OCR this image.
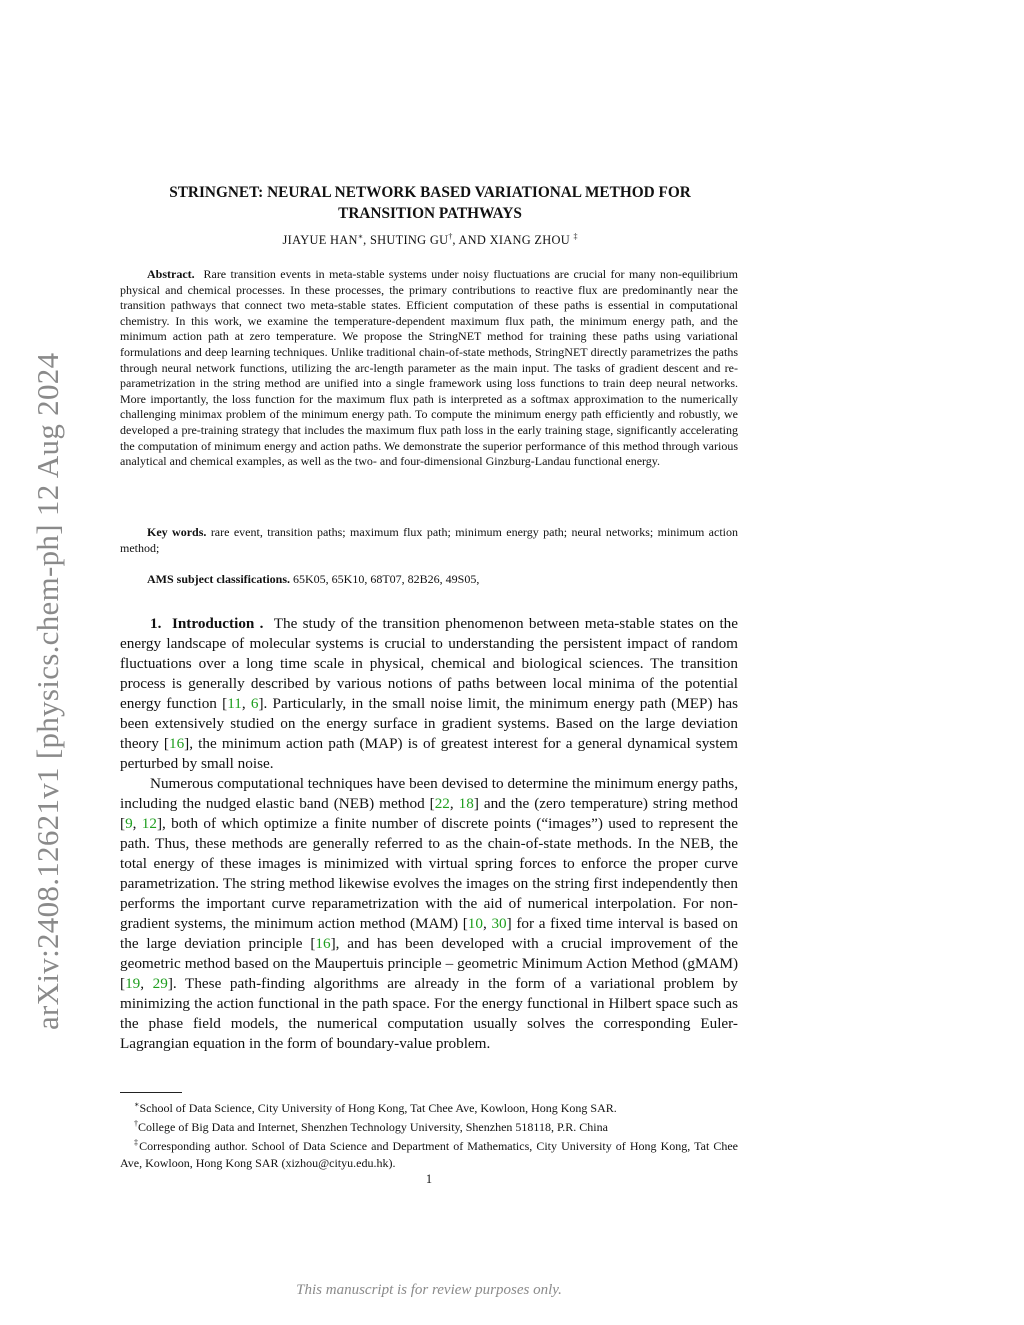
arXiv:2408.12621v1 [physics.chem-ph] 12 Aug 2024
STRINGNET: NEURAL NETWORK BASED VARIATIONAL METHOD FOR
TRANSITION PATHWAYS
JIAYUE HAN∗, SHUTING GU†, AND XIANG ZHOU ‡

Abstract. Rare transition events in meta-stable systems under noisy fluctuations are crucial for many non-equilibrium physical and chemical processes. In these processes, the primary contributions to reactive flux are predominantly near the transition pathways that connect two meta-stable states. Efficient computation of these paths is essential in computational chemistry. In this work, we examine the temperature-dependent maximum flux path, the minimum energy path, and the minimum action path at zero temperature. We propose the StringNET method for training these paths using variational formulations and deep learning techniques. Unlike traditional chain-of-state methods, StringNET directly parametrizes the paths through neural network functions, utilizing the arc-length parameter as the main input. The tasks of gradient descent and re-parametrization in the string method are unified into a single framework using loss functions to train deep neural networks. More importantly, the loss function for the maximum flux path is interpreted as a softmax approximation to the numerically challenging minimax problem of the minimum energy path. To compute the minimum energy path efficiently and robustly, we developed a pre-training strategy that includes the maximum flux path loss in the early training stage, significantly accelerating the computation of minimum energy and action paths. We demonstrate the superior performance of this method through various analytical and chemical examples, as well as the two- and four-dimensional Ginzburg-Landau functional energy.

Key words. rare event, transition paths; maximum flux path; minimum energy path; neural networks; minimum action method;

AMS subject classifications. 65K05, 65K10, 68T07, 82B26, 49S05,

1. Introduction . The study of the transition phenomenon between meta-stable states on the energy landscape of molecular systems is crucial to understanding the persistent impact of random fluctuations over a long time scale in physical, chemical and biological sciences. The transition process is generally described by various notions of paths between local minima of the potential energy function [11, 6]. Particularly, in the small noise limit, the minimum energy path (MEP) has been extensively studied on the energy surface in gradient systems. Based on the large deviation theory [16], the minimum action path (MAP) is of greatest interest for a general dynamical system perturbed by small noise.

Numerous computational techniques have been devised to determine the minimum energy paths, including the nudged elastic band (NEB) method [22, 18] and the (zero temperature) string method [9, 12], both of which optimize a finite number of discrete points (“images”) used to represent the path. Thus, these methods are generally referred to as the chain-of-state methods. In the NEB, the total energy of these images is minimized with virtual spring forces to enforce the proper curve parametrization. The string method likewise evolves the images on the string first independently then performs the important curve reparametrization with the aid of numerical interpolation. For non-gradient systems, the minimum action method (MAM) [10, 30] for a fixed time interval is based on the large deviation principle [16], and has been developed with a crucial improvement of the geometric method based on the Maupertuis principle – geometric Minimum Action Method (gMAM) [19, 29]. These path-finding algorithms are already in the form of a variational problem by minimizing the action functional in the path space. For the energy functional in Hilbert space such as the phase field models, the numerical computation usually solves the corresponding Euler-Lagrangian equation in the form of boundary-value problem.

∗School of Data Science, City University of Hong Kong, Tat Chee Ave, Kowloon, Hong Kong SAR.
†College of Big Data and Internet, Shenzhen Technology University, Shenzhen 518118, P.R. China
‡Corresponding author. School of Data Science and Department of Mathematics, City University of Hong Kong, Tat Chee Ave, Kowloon, Hong Kong SAR (xizhou@cityu.edu.hk).
1
This manuscript is for review purposes only.
